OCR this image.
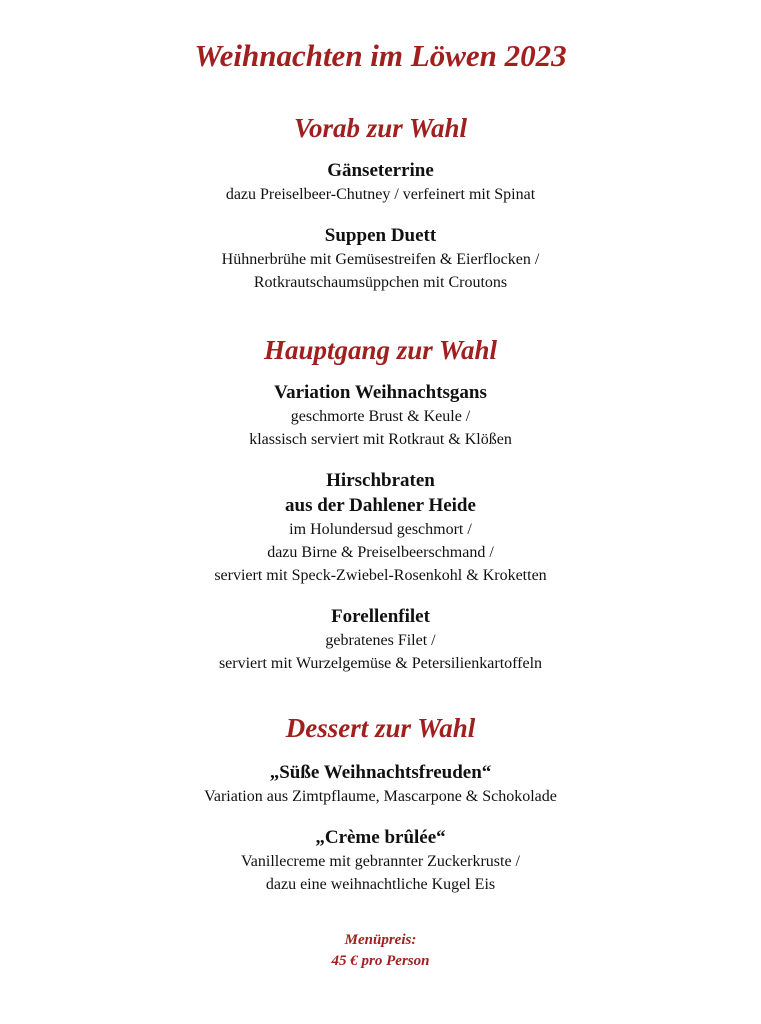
Weihnachten im Löwen 2023
Vorab zur Wahl

Gänseterrine

dazu Preiselbeer-Chutney / verfeinert mit Spinat

Suppen Duett

Hühnerbrühe mit Gemüsestreifen & Eierflocken /
Rotkrautschaumsüppchen mit Croutons

Hauptgang zur Wahl

Variation Weihnachtsgans

geschmorte Brust & Keule /
klassisch serviert mit Rotkraut & Klößen

Hirschbraten
aus der Dahlener Heide

im Holundersud geschmort /
dazu Birne & Preiselbeerschmand /
serviert mit Speck-Zwiebel-Rosenkohl & Kroketten

Forellenfilet

gebratenes Filet /
serviert mit Wurzelgemüse & Petersilienkartoffeln

Dessert zur Wahl

„Süße Weihnachtsfreuden“

Variation aus Zimtpflaume, Mascarpone & Schokolade

„Crème brûlée“

Vanillecreme mit gebrannter Zuckerkruste /
dazu eine weihnachtliche Kugel Eis

Menüpreis:
45 € pro Person
